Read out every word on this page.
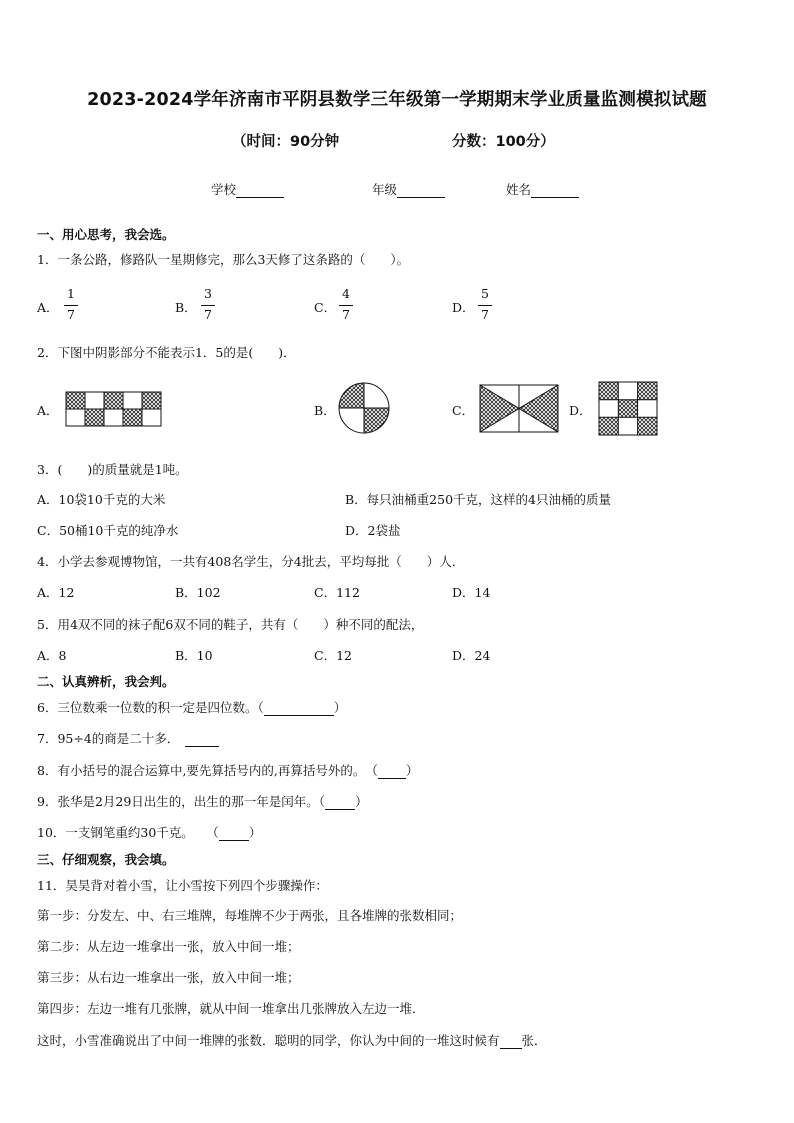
2023-2024学年济南市平阴县数学三年级第一学期期末学业质量监测模拟试题
（时间：90分钟	分数：100分）
学校	年级	姓名
一、用心思考，我会选。
1．一条公路，修路队一星期修完，那么3天修了这条路的（　　）。
A．
1
7	B．
3
7	C．
4
7	D．
5
7
2．下图中阴影部分不能表示1．5的是(　　)．
A．	B．	C．	D．
3．(　　)的质量就是1吨。
A．10袋10千克的大米	B．每只油桶重250千克，这样的4只油桶的质量
C．50桶10千克的纯净水	D．2袋盐
4．小学去参观博物馆，一共有408名学生，分4批去，平均每批（　　）人．
A．12	B．102	C．112	D．14
5．用4双不同的袜子配6双不同的鞋子，共有（　　）种不同的配法，
A．8	B．10	C．12	D．24
二、认真辨析，我会判。
6．三位数乘一位数的积一定是四位数。（	）
7．95÷4的商是二十多．
8．有小括号的混合运算中,要先算括号内的,再算括号外的。　（ ）
9．张华是2月29日出生的，出生的那一年是闰年。（ ）
10．一支钢笔重约30千克。　　（ ）
三、仔细观察，我会填。
11．昊昊背对着小雪，让小雪按下列四个步骤操作：
第一步：分发左、中、右三堆牌，每堆牌不少于两张，且各堆牌的张数相同；
第二步：从左边一堆拿出一张，放入中间一堆；
第三步：从右边一堆拿出一张，放入中间一堆；
第四步：左边一堆有几张牌，就从中间一堆拿出几张牌放入左边一堆．
这时，小雪准确说出了中间一堆牌的张数．聪明的同学，你认为中间的一堆这时候有 张．
